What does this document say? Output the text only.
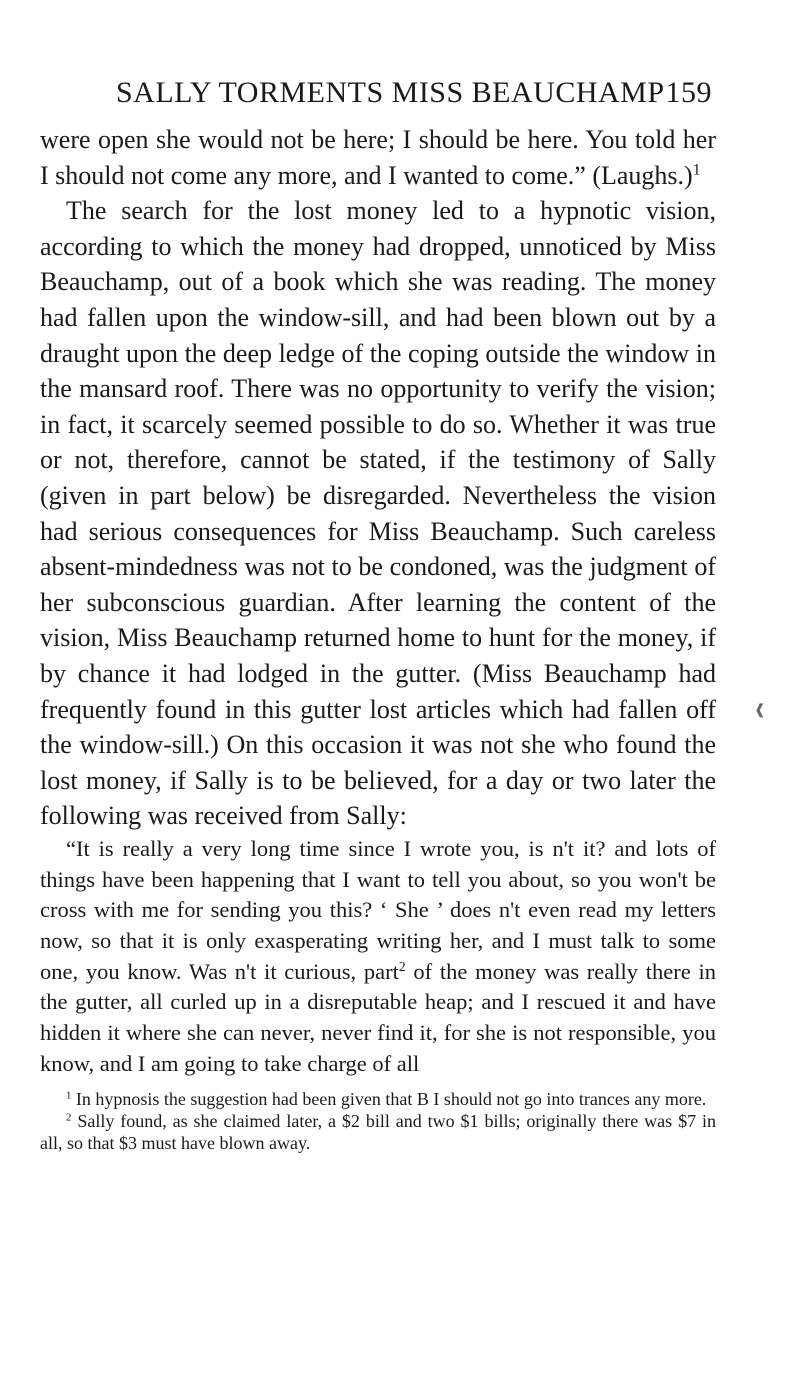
SALLY TORMENTS MISS BEAUCHAMP 159

were open she would not be here; I should be here. You told her I should not come any more, and I wanted to come.” (Laughs.)$^1$

The search for the lost money led to a hypnotic vision, according to which the money had dropped, unnoticed by Miss Beauchamp, out of a book which she was reading. The money had fallen upon the window-sill, and had been blown out by a draught upon the deep ledge of the coping outside the window in the mansard roof. There was no opportunity to verify the vision; in fact, it scarcely seemed possible to do so. Whether it was true or not, therefore, cannot be stated, if the testimony of Sally (given in part below) be disregarded. Nevertheless the vision had serious consequences for Miss Beauchamp. Such careless absent-mindedness was not to be condoned, was the judgment of her subconscious guardian. After learning the content of the vision, Miss Beauchamp returned home to hunt for the money, if by chance it had lodged in the gutter. (Miss Beauchamp had frequently found in this gutter lost articles which had fallen off the window-sill.) On this occasion it was not she who found the lost money, if Sally is to be believed, for a day or two later the following was received from Sally:

“It is really a very long time since I wrote you, is n't it? and lots of things have been happening that I want to tell you about, so you won't be cross with me for sending you this? ‘ She ’ does n't even read my letters now, so that it is only exasperating writing her, and I must talk to some one, you know. Was n't it curious, part$^2$ of the money was really there in the gutter, all curled up in a disreputable heap; and I rescued it and have hidden it where she can never, never find it, for she is not responsible, you know, and I am going to take charge of all

$^1$ In hypnosis the suggestion had been given that B I should not go into trances any more.

$^2$ Sally found, as she claimed later, a $2 bill and two $1 bills; originally there was $7 in all, so that $3 must have blown away.

❰
